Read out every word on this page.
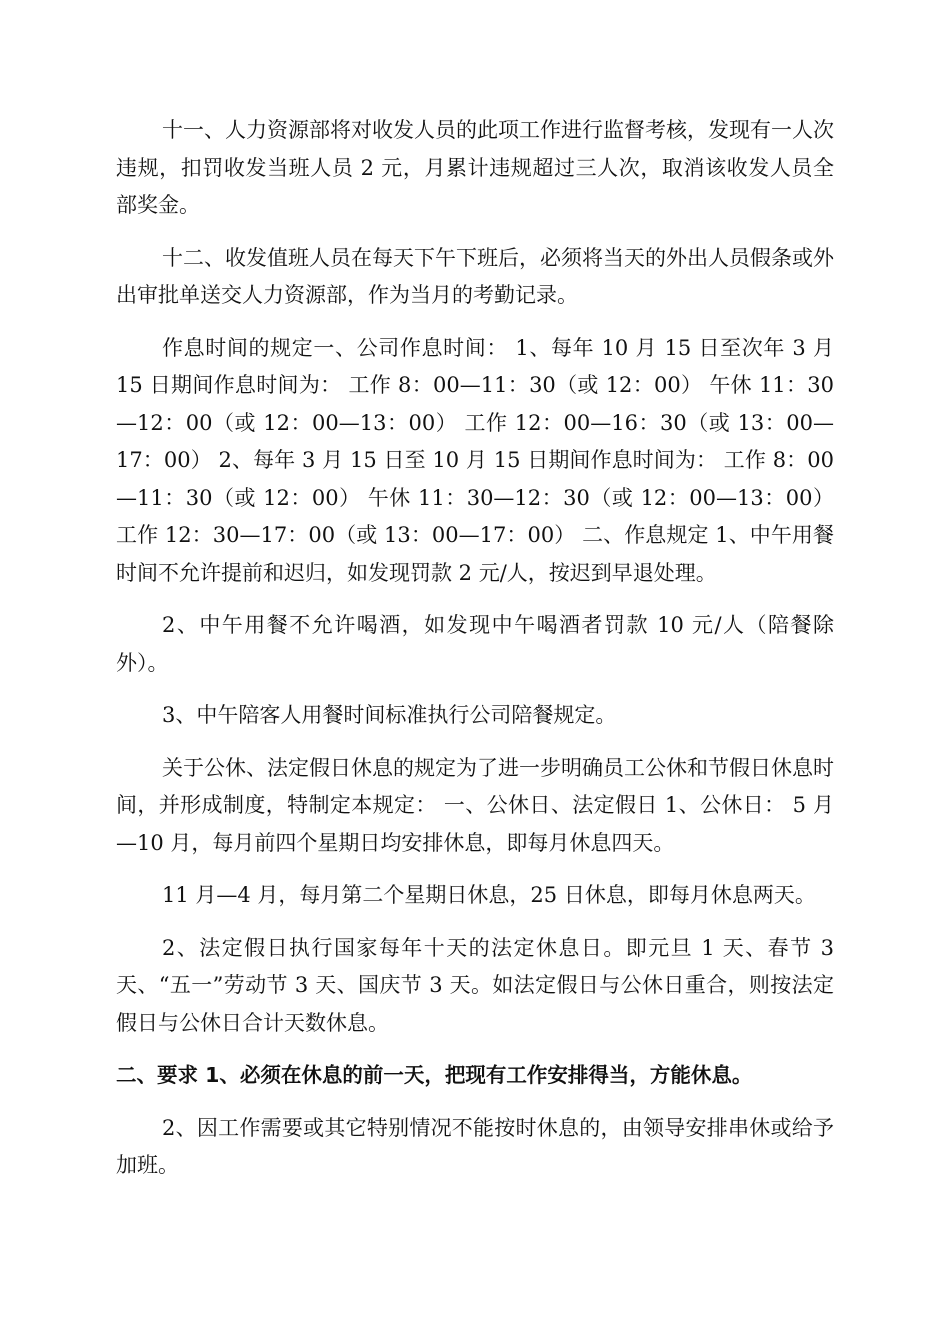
十一、人力资源部将对收发人员的此项工作进行监督考核，发现有一人次违规，扣罚收发当班人员 2 元，月累计违规超过三人次，取消该收发人员全部奖金。

十二、收发值班人员在每天下午下班后，必须将当天的外出人员假条或外出审批单送交人力资源部，作为当月的考勤记录。

作息时间的规定一、公司作息时间： 1、每年 10 月 15 日至次年 3 月 15 日期间作息时间为： 工作 8：00—11：30（或 12：00） 午休 11：30—12：00（或 12：00—13：00） 工作 12：00—16：30（或 13：00—17：00） 2、每年 3 月 15 日至 10 月 15 日期间作息时间为： 工作 8：00—11：30（或 12：00） 午休 11：30—12：30（或 12：00—13：00） 工作 12：30—17：00（或 13：00—17：00） 二、作息规定 1、中午用餐时间不允许提前和迟归，如发现罚款 2 元/人，按迟到早退处理。

2、中午用餐不允许喝酒，如发现中午喝酒者罚款 10 元/人（陪餐除外）。

3、中午陪客人用餐时间标准执行公司陪餐规定。

关于公休、法定假日休息的规定为了进一步明确员工公休和节假日休息时间，并形成制度，特制定本规定： 一、公休日、法定假日 1、公休日： 5 月—10 月，每月前四个星期日均安排休息，即每月休息四天。

11 月—4 月，每月第二个星期日休息，25 日休息，即每月休息两天。

2、法定假日执行国家每年十天的法定休息日。即元旦 1 天、春节 3 天、“五一”劳动节 3 天、国庆节 3 天。如法定假日与公休日重合，则按法定假日与公休日合计天数休息。

二、要求 1、必须在休息的前一天，把现有工作安排得当，方能休息。

2、因工作需要或其它特别情况不能按时休息的，由领导安排串休或给予加班。
